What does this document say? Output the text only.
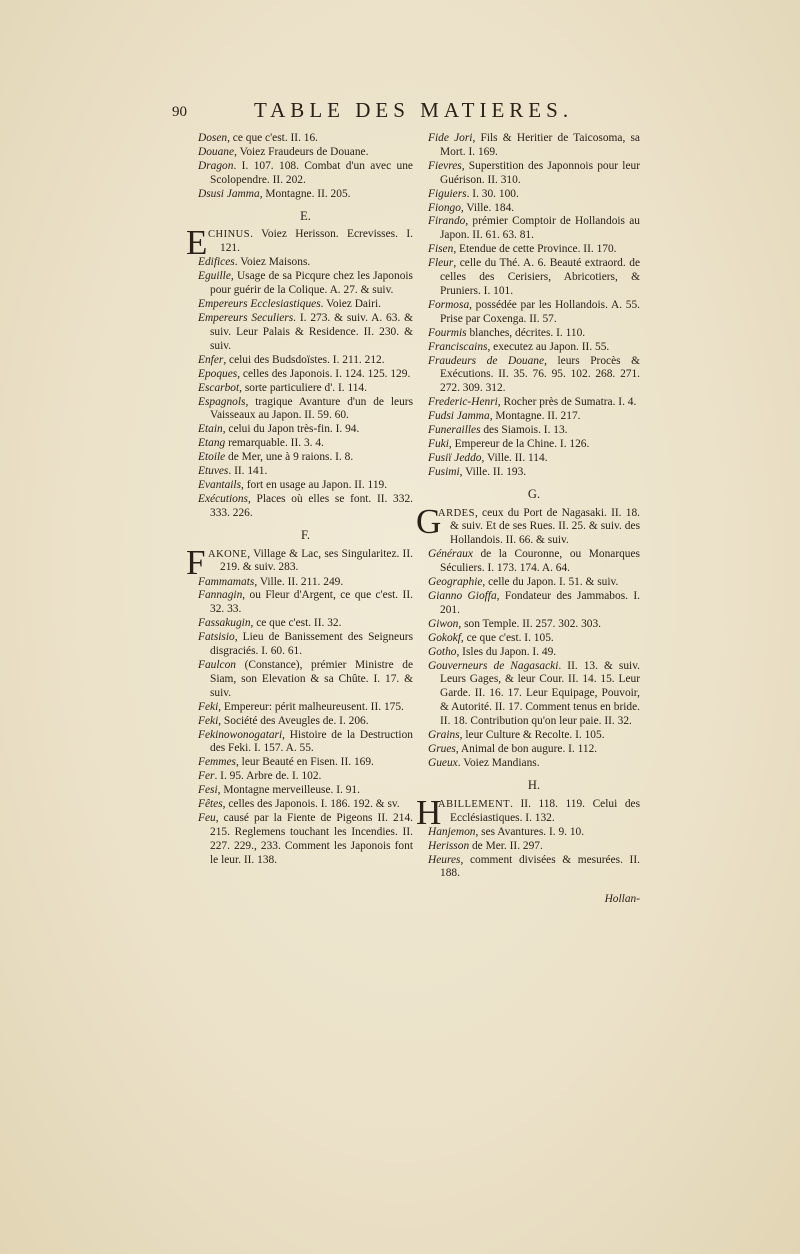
90	TABLE DES MATIERES.
Dosen, ce que c'est. II. 16.
Douane, Voiez Fraudeurs de Douane.
Dragon. I. 107. 108. Combat d'un avec une Scolopendre. II. 202.
Dsusi Jamma, Montagne. II. 205.
E.
E CHINUS. Voiez Herisson. Ecrevisses. I. 121.
Edifices. Voiez Maisons.
Eguille, Usage de sa Picqure chez les Japonois pour guérir de la Colique. A. 27. & suiv.
Empereurs Ecclesiastiques. Voiez Dairi.
Empereurs Seculiers. I. 273. & suiv. A. 63. & suiv. Leur Palais & Residence. II. 230. & suiv.
Enfer, celui des Budsdoïstes. I. 211. 212.
Epoques, celles des Japonois. I. 124. 125. 129.
Escarbot, sorte particuliere d'. I. 114.
Espagnols, tragique Avanture d'un de leurs Vaisseaux au Japon. II. 59. 60.
Etain, celui du Japon très-fin. I. 94.
Etang remarquable. II. 3. 4.
Etoile de Mer, une à 9 raions. I. 8.
Etuves. II. 141.
Evantails, fort en usage au Japon. II. 119.
Exécutions, Places où elles se font. II. 332. 333. 226.
F.
F AKONE, Village & Lac, ses Singularitez. II. 219. & suiv. 283.
Fammamats, Ville. II. 211. 249.
Fannagin, ou Fleur d'Argent, ce que c'est. II. 32. 33.
Fassakugin, ce que c'est. II. 32.
Fatsisio, Lieu de Banissement des Seigneurs disgraciés. I. 60. 61.
Faulcon (Constance), prémier Ministre de Siam, son Elevation & sa Chûte. I. 17. & suiv.
Feki, Empereur: périt malheureusent. II. 175.
Feki, Société des Aveugles de. I. 206.
Fekinowonogatari, Histoire de la Destruction des Feki. I. 157. A. 55.
Femmes, leur Beauté en Fisen. II. 169.
Fer. I. 95. Arbre de. I. 102.
Fesi, Montagne merveilleuse. I. 91.
Fêtes, celles des Japonois. I. 186. 192. & sv.
Feu, causé par la Fiente de Pigeons II. 214. 215. Reglemens touchant les Incendies. II. 227. 229., 233. Comment les Japonois font le leur. II. 138.
Fide Jori, Fils & Heritier de Taicosoma, sa Mort. I. 169.
Fievres, Superstition des Japonnois pour leur Guérison. II. 310.
Figuiers. I. 30. 100.
Fiongo, Ville. 184.
Firando, prémier Comptoir de Hollandois au Japon. II. 61. 63. 81.
Fisen, Etendue de cette Province. II. 170.
Fleur, celle du Thé. A. 6. Beauté extraord. de celles des Cerisiers, Abricotiers, & Pruniers. I. 101.
Formosa, possédée par les Hollandois. A. 55. Prise par Coxenga. II. 57.
Fourmis blanches, décrites. I. 110.
Franciscains, executez au Japon. II. 55.
Fraudeurs de Douane, leurs Procès & Exécutions. II. 35. 76. 95. 102. 268. 271. 272. 309. 312.
Frederic-Henri, Rocher près de Sumatra. I. 4.
Fudsi Jamma, Montagne. II. 217.
Funerailles des Siamois. I. 13.
Fuki, Empereur de la Chine. I. 126.
Fusiï Jeddo, Ville. II. 114.
Fusimi, Ville. II. 193.
G.
G
ARDES, ceux du Port de Nagasaki. II. 18. & suiv. Et de ses Rues. II. 25. & suiv. des Hollandois. II. 66. & suiv.
Généraux de la Couronne, ou Monarques Séculiers. I. 173. 174. A. 64.
Geographie, celle du Japon. I. 51. & suiv.
Gianno Gioffa, Fondateur des Jammabos. I. 201.
Giwon, son Temple. II. 257. 302. 303.
Gokokf, ce que c'est. I. 105.
Gotho, Isles du Japon. I. 49.
Gouverneurs de Nagasacki. II. 13. & suiv. Leurs Gages, & leur Cour. II. 14. 15. Leur Garde. II. 16. 17. Leur Equipage, Pouvoir, & Autorité. II. 17. Comment tenus en bride. II. 18. Contribution qu'on leur paie. II. 32.
Grains, leur Culture & Recolte. I. 105.
Grues, Animal de bon augure. I. 112.
Gueux. Voiez Mandians.
H.
H
ABILLEMENT. II. 118. 119. Celui des Ecclésiastiques. I. 132.
Hanjemon, ses Avantures. I. 9. 10.
Herisson de Mer. II. 297.
Heures, comment divisées & mesurées. II. 188.
Hollan-
